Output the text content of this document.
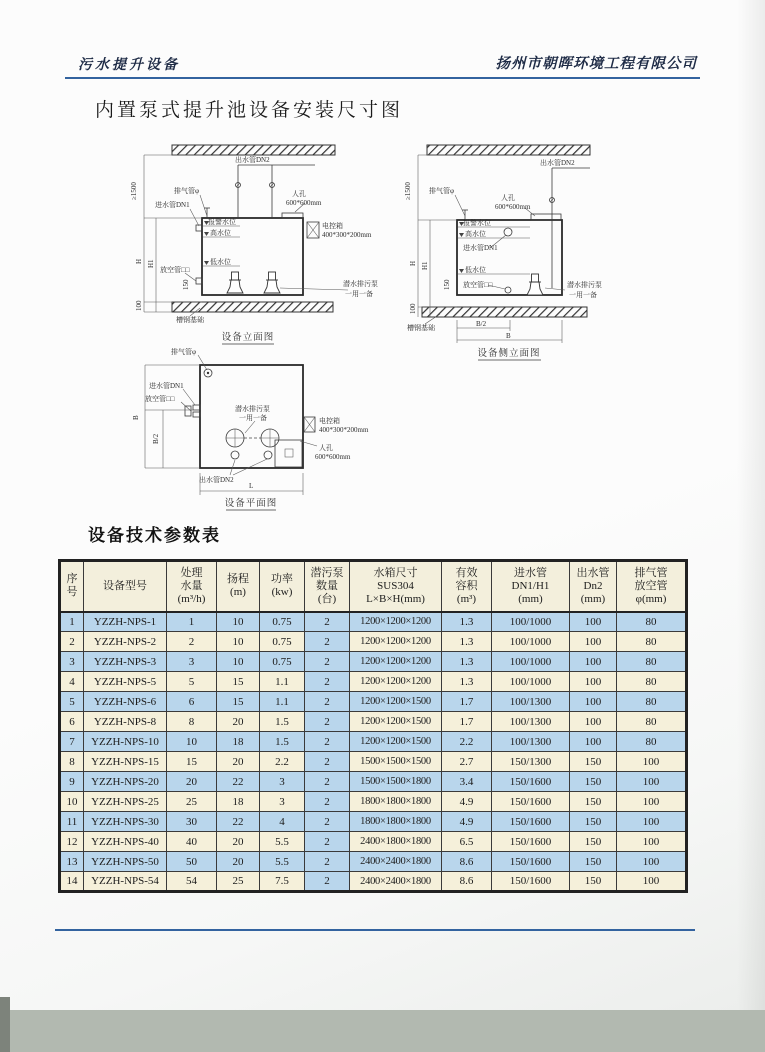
污水提升设备	扬州市朝晖环境工程有限公司
内置泵式提升池设备安装尺寸图
出水管DN2
排气管φ
进水管DN1
人孔
600*600mm
报警水位
高水位
低水位
放空管□□
电控箱
400*300*200mm
潜水排污泵
一用一备
槽钢基础
≥1500
H H1
150
100
设备立面图
出水管DN2
排气管φ
人孔
600*600mm
报警水位
高水位
进水管DN1
低水位
放空管□□	潜水排污泵
一用一备
槽钢基础
≥1500
H H1
150
100
B/2
B
设备侧立面图
排气管φ
进水管DN1
放空管□□
潜水排污泵
一用一备	电控箱
400*300*200mm
人孔
600*600mm
出水管DN2
B
B/2
L
设备平面图
设备技术参数表
序
号

设备型号

处理
水量
(m³/h)

扬程
(m)

功率
(kw)

潜污泵
数量
(台)

水箱尺寸
SUS304
L×B×H(mm)

有效
容积
(m³)

进水管
DN1/H1
(mm)

出水管
Dn2
(mm)

排气管
放空管
φ(mm)

1	YZZH-NPS-1	1	10	0.75	2	1200×1200×1200	1.3	100/1000	100	80
2	YZZH-NPS-2	2	10	0.75	2	1200×1200×1200	1.3	100/1000	100	80
3	YZZH-NPS-3	3	10	0.75	2	1200×1200×1200	1.3	100/1000	100	80
4	YZZH-NPS-5	5	15	1.1	2	1200×1200×1200	1.3	100/1000	100	80
5	YZZH-NPS-6	6	15	1.1	2	1200×1200×1500	1.7	100/1300	100	80
6	YZZH-NPS-8	8	20	1.5	2	1200×1200×1500	1.7	100/1300	100	80
7	YZZH-NPS-10	10	18	1.5	2	1200×1200×1500	2.2	100/1300	100	80
8	YZZH-NPS-15	15	20	2.2	2	1500×1500×1500	2.7	150/1300	150	100
9	YZZH-NPS-20	20	22	3	2	1500×1500×1800	3.4	150/1600	150	100
10	YZZH-NPS-25	25	18	3	2	1800×1800×1800	4.9	150/1600	150	100
11	YZZH-NPS-30	30	22	4	2	1800×1800×1800	4.9	150/1600	150	100
12	YZZH-NPS-40	40	20	5.5	2	2400×1800×1800	6.5	150/1600	150	100
13	YZZH-NPS-50	50	20	5.5	2	2400×2400×1800	8.6	150/1600	150	100
14	YZZH-NPS-54	54	25	7.5	2	2400×2400×1800	8.6	150/1600	150	100
